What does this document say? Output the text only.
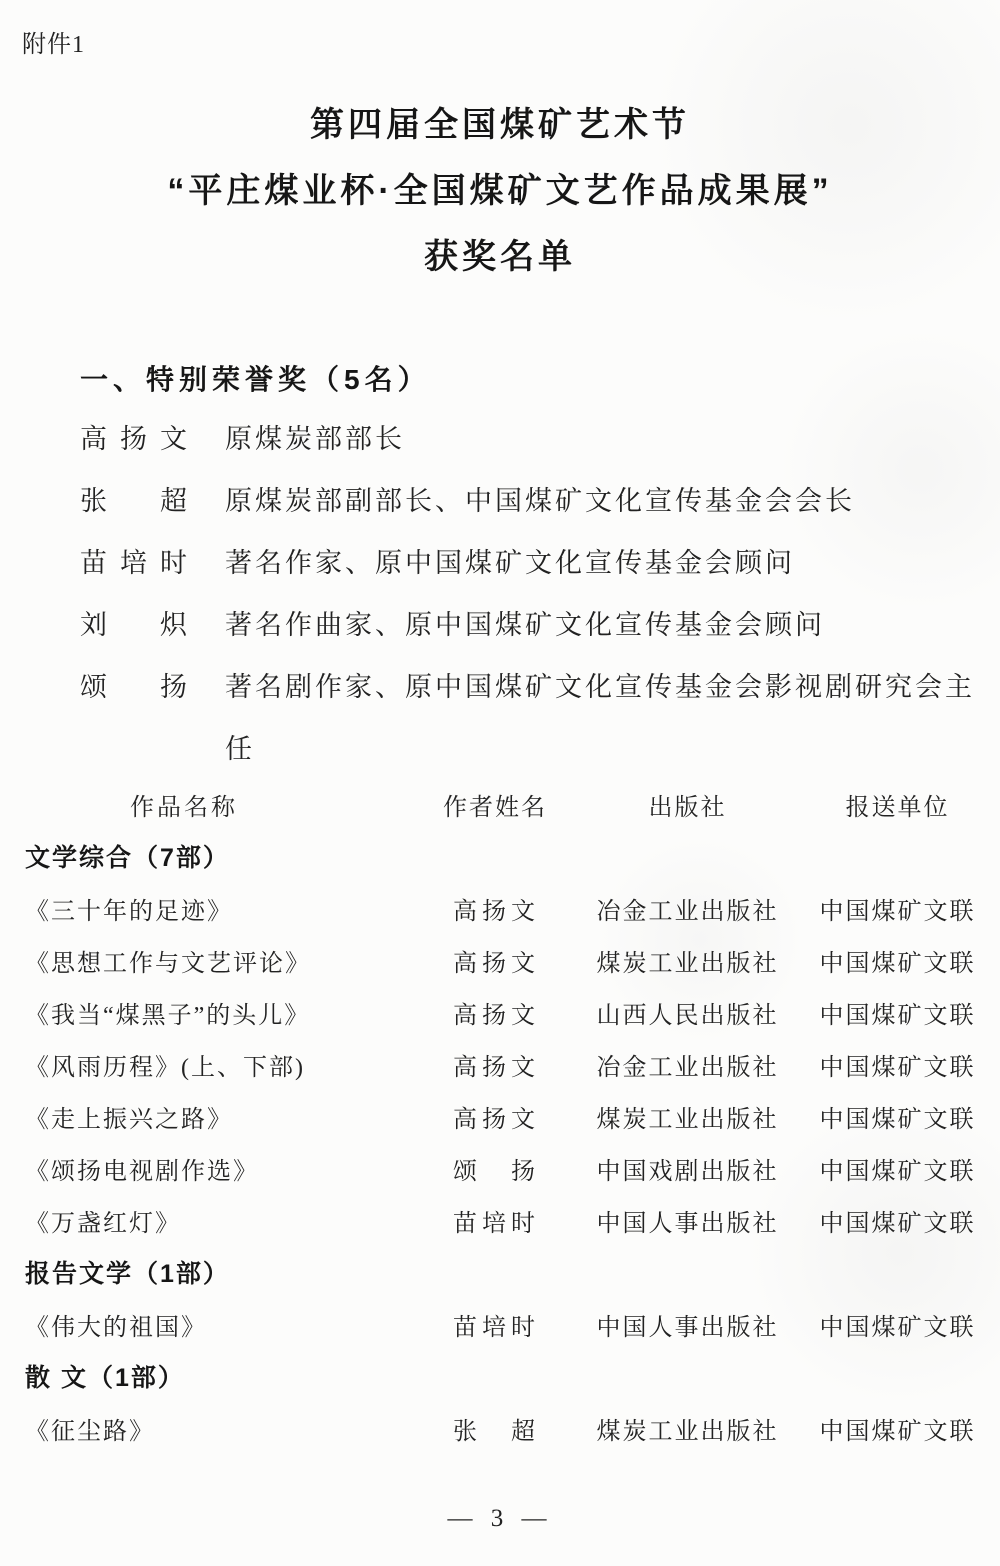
附件1
第四届全国煤矿艺术节
“平庄煤业杯·全国煤矿文艺作品成果展”
获奖名单
一、特别荣誉奖（5名）
高扬文 原煤炭部部长
张超 原煤炭部副部长、中国煤矿文化宣传基金会会长
苗培时 著名作家、原中国煤矿文化宣传基金会顾问
刘炽 著名作曲家、原中国煤矿文化宣传基金会顾问
颂扬 著名剧作家、原中国煤矿文化宣传基金会影视剧研究会主任
作品名称	作者姓名	出版社	报送单位
文学综合（7部）
《三十年的足迹》	高扬文	冶金工业出版社	中国煤矿文联
《思想工作与文艺评论》	高扬文	煤炭工业出版社	中国煤矿文联
《我当“煤黑子”的头儿》	高扬文	山西人民出版社	中国煤矿文联
《风雨历程》(上、下部)	高扬文	冶金工业出版社	中国煤矿文联
《走上振兴之路》	高扬文	煤炭工业出版社	中国煤矿文联
《颂扬电视剧作选》	颂扬	中国戏剧出版社	中国煤矿文联
《万盏红灯》	苗培时	中国人事出版社	中国煤矿文联
报告文学（1部）
《伟大的祖国》	苗培时	中国人事出版社	中国煤矿文联
散 文（1部）
《征尘路》	张超	煤炭工业出版社	中国煤矿文联
— 3 —
